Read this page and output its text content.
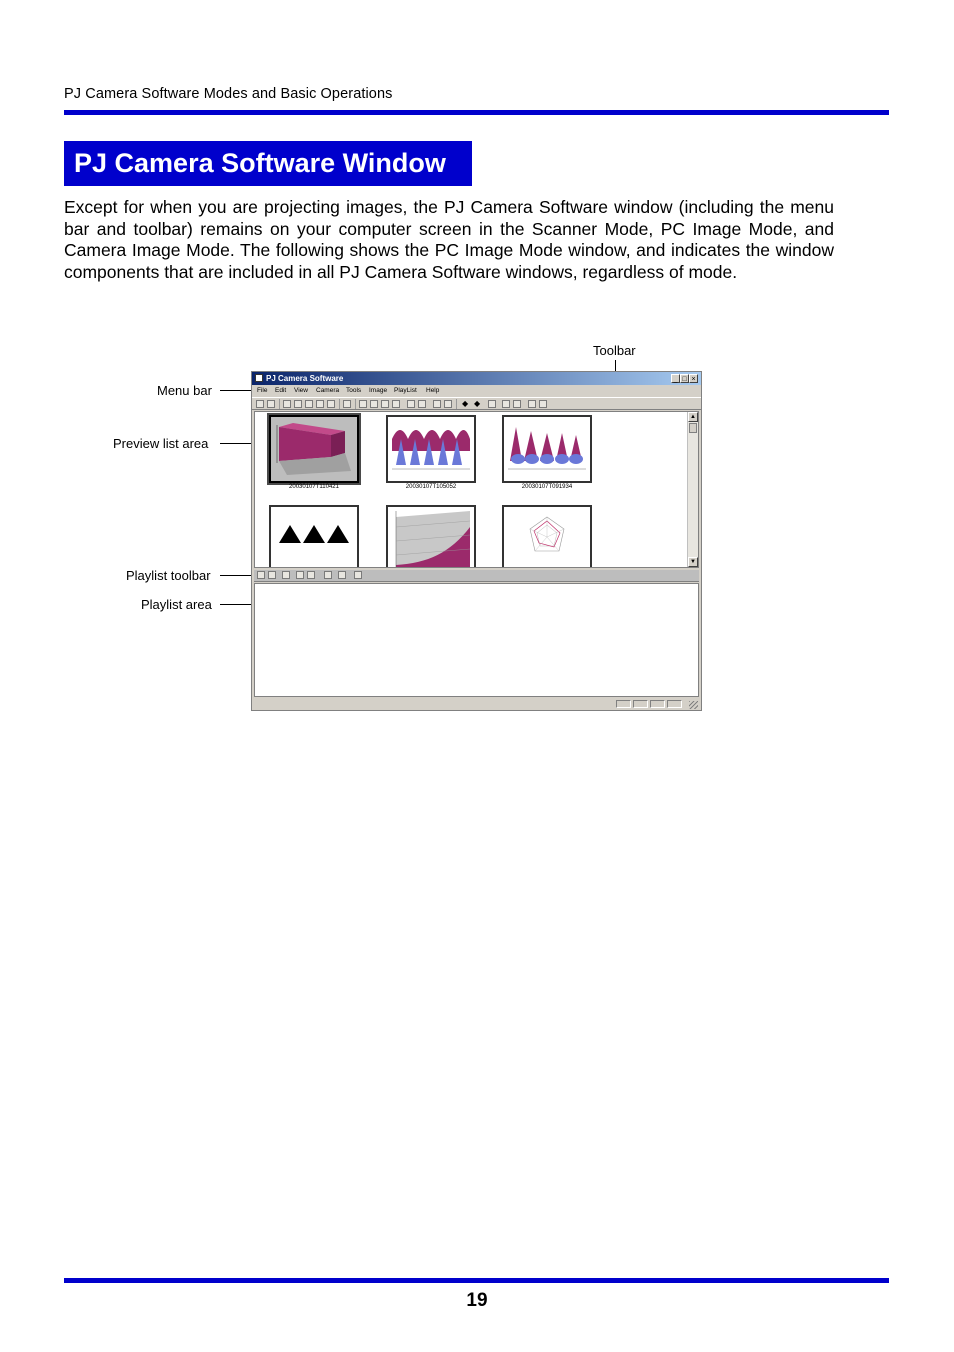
PJ Camera Software Modes and Basic Operations
PJ Camera Software Window
Except for when you are projecting images, the PJ Camera Software window (including the menu bar and toolbar) remains on your computer screen in the Scanner Mode, PC Image Mode, and Camera Image Mode. The following shows the PC Image Mode window, and indicates the window components that are included in all PJ Camera Software windows, regardless of mode.
Toolbar
Menu bar
Preview list area
Playlist toolbar
Playlist area
PJ Camera Software	_ □ ×
File Edit View Camera Tools Image PlayList Help
◆ ◆
20030107T110421	20030107T105052	20030107T091934
▲
▼
19
